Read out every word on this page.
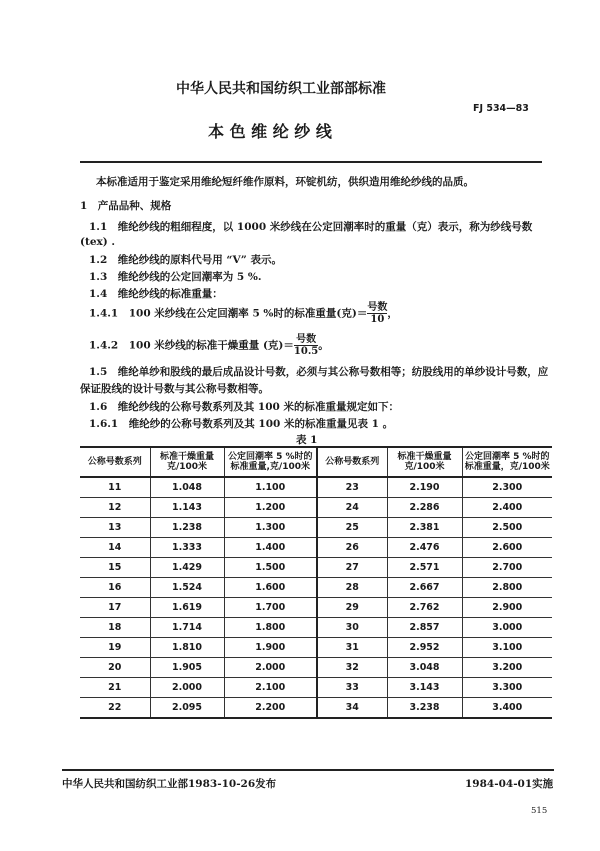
中华人民共和国纺织工业部部标准
FJ 534—83
本 色 维 纶 纱 线
本标准适用于鉴定采用维纶短纤维作原料，环锭机纺，供织造用维纶纱线的品质。
1　产品品种、规格
1.1　维纶纱线的粗细程度，以 1000 米纱线在公定回潮率时的重量（克）表示，称为纱线号数
(tex) .
1.2　维纶纱线的原料代号用 “V” 表示。
1.3　维纶纱线的公定回潮率为 5 %.
1.4　维纶纱线的标准重量：
1.4.1　100 米纱线在公定回潮率 5 %时的标准重量(克)＝ $\frac{\text{号数}}{10}$ ，
1.4.2　100 米纱线的标准干燥重量 (克)＝ $\frac{\text{号数}}{10.5}$ 。
1.5　维纶单纱和股线的最后成品设计号数，必须与其公称号数相等；纺股线用的单纱设计号数，应
保证股线的设计号数与其公称号数相等。
1.6　维纶纱线的公称号数系列及其 100 米的标准重量规定如下：
1.6.1　维纶纱的公称号数系列及其 100 米的标准重量见表 1 。
表 1
公称号数系列	标准干燥重量 克/100米	公定回潮率 5 %时的标准重量,克/100米	公称号数系列	标准干燥重量 克/100米	公定回潮率 5 %时的标准重量，克/100米
11	1.048	1.100	23	2.190	2.300
12	1.143	1.200	24	2.286	2.400
13	1.238	1.300	25	2.381	2.500
14	1.333	1.400	26	2.476	2.600
15	1.429	1.500	27	2.571	2.700
16	1.524	1.600	28	2.667	2.800
17	1.619	1.700	29	2.762	2.900
18	1.714	1.800	30	2.857	3.000
19	1.810	1.900	31	2.952	3.100
20	1.905	2.000	32	3.048	3.200
21	2.000	2.100	33	3.143	3.300
22	2.095	2.200	34	3.238	3.400
中华人民共和国纺织工业部1983-10-26发布	1984-04-01实施
515
